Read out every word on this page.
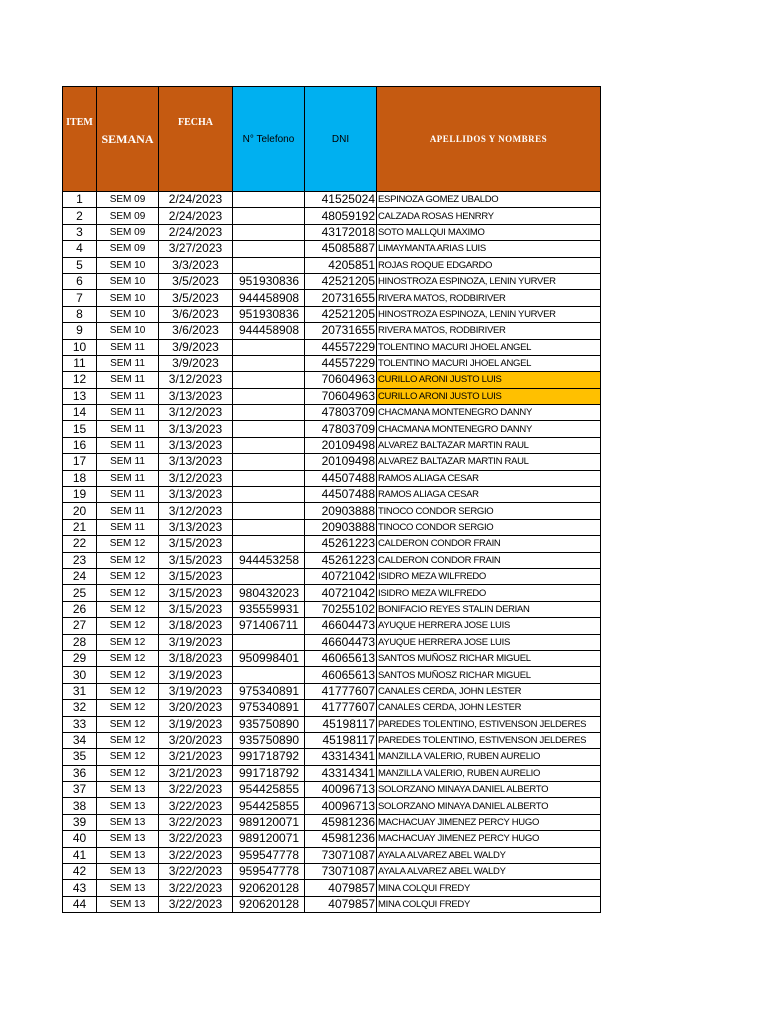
ITEM	SEMANA	FECHA	N° Telefono	DNI	APELLIDOS Y NOMBRES
1	SEM 09	2/24/2023		41525024	ESPINOZA GOMEZ UBALDO
2	SEM 09	2/24/2023		48059192	CALZADA ROSAS HENRRY
3	SEM 09	2/24/2023		43172018	SOTO MALLQUI MAXIMO
4	SEM 09	3/27/2023		45085887	LIMAYMANTA ARIAS LUIS
5	SEM 10	3/3/2023		4205851	ROJAS ROQUE EDGARDO
6	SEM 10	3/5/2023	951930836	42521205	HINOSTROZA ESPINOZA, LENIN YURVER
7	SEM 10	3/5/2023	944458908	20731655	RIVERA MATOS, RODBIRIVER
8	SEM 10	3/6/2023	951930836	42521205	HINOSTROZA ESPINOZA, LENIN YURVER
9	SEM 10	3/6/2023	944458908	20731655	RIVERA MATOS, RODBIRIVER
10	SEM 11	3/9/2023		44557229	TOLENTINO MACURI JHOEL ANGEL
11	SEM 11	3/9/2023		44557229	TOLENTINO MACURI JHOEL ANGEL
12	SEM 11	3/12/2023		70604963	CURILLO ARONI JUSTO LUIS
13	SEM 11	3/13/2023		70604963	CURILLO ARONI JUSTO LUIS
14	SEM 11	3/12/2023		47803709	CHACMANA MONTENEGRO DANNY
15	SEM 11	3/13/2023		47803709	CHACMANA MONTENEGRO DANNY
16	SEM 11	3/13/2023		20109498	ALVAREZ BALTAZAR MARTIN RAUL
17	SEM 11	3/13/2023		20109498	ALVAREZ BALTAZAR MARTIN RAUL
18	SEM 11	3/12/2023		44507488	RAMOS ALIAGA CESAR
19	SEM 11	3/13/2023		44507488	RAMOS ALIAGA CESAR
20	SEM 11	3/12/2023		20903888	TINOCO CONDOR SERGIO
21	SEM 11	3/13/2023		20903888	TINOCO CONDOR SERGIO
22	SEM 12	3/15/2023		45261223	CALDERON CONDOR FRAIN
23	SEM 12	3/15/2023	944453258	45261223	CALDERON CONDOR FRAIN
24	SEM 12	3/15/2023		40721042	ISIDRO MEZA WILFREDO
25	SEM 12	3/15/2023	980432023	40721042	ISIDRO MEZA WILFREDO
26	SEM 12	3/15/2023	935559931	70255102	BONIFACIO REYES STALIN DERIAN
27	SEM 12	3/18/2023	971406711	46604473	AYUQUE HERRERA JOSE LUIS
28	SEM 12	3/19/2023		46604473	AYUQUE HERRERA JOSE LUIS
29	SEM 12	3/18/2023	950998401	46065613	SANTOS MUÑOSZ RICHAR MIGUEL
30	SEM 12	3/19/2023		46065613	SANTOS MUÑOSZ RICHAR MIGUEL
31	SEM 12	3/19/2023	975340891	41777607	CANALES CERDA, JOHN LESTER
32	SEM 12	3/20/2023	975340891	41777607	CANALES CERDA, JOHN LESTER
33	SEM 12	3/19/2023	935750890	45198117	PAREDES TOLENTINO, ESTIVENSON JELDERES
34	SEM 12	3/20/2023	935750890	45198117	PAREDES TOLENTINO, ESTIVENSON JELDERES
35	SEM 12	3/21/2023	991718792	43314341	MANZILLA VALERIO, RUBEN AURELIO
36	SEM 12	3/21/2023	991718792	43314341	MANZILLA VALERIO, RUBEN AURELIO
37	SEM 13	3/22/2023	954425855	40096713	SOLORZANO MINAYA DANIEL ALBERTO
38	SEM 13	3/22/2023	954425855	40096713	SOLORZANO MINAYA DANIEL ALBERTO
39	SEM 13	3/22/2023	989120071	45981236	MACHACUAY JIMENEZ PERCY HUGO
40	SEM 13	3/22/2023	989120071	45981236	MACHACUAY JIMENEZ PERCY HUGO
41	SEM 13	3/22/2023	959547778	73071087	AYALA ALVAREZ ABEL WALDY
42	SEM 13	3/22/2023	959547778	73071087	AYALA ALVAREZ ABEL WALDY
43	SEM 13	3/22/2023	920620128	4079857	MINA COLQUI FREDY
44	SEM 13	3/22/2023	920620128	4079857	MINA COLQUI FREDY
